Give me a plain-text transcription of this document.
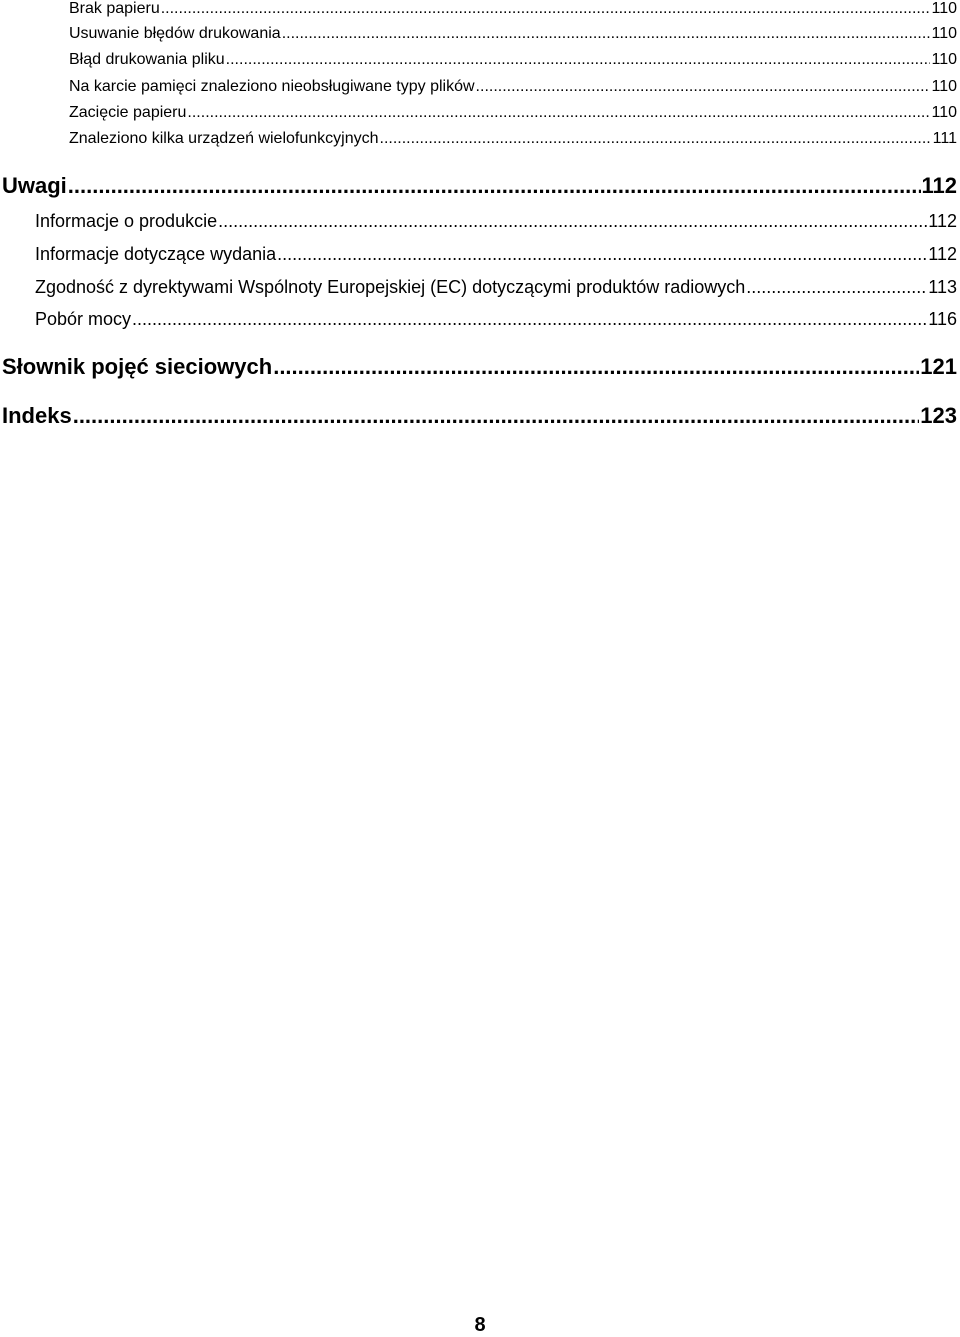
Brak papieru .....	110
Usuwanie błędów drukowania .....	110
Błąd drukowania pliku .....	110
Na karcie pamięci znaleziono nieobsługiwane typy plików .....	110
Zacięcie papieru .....	110
Znaleziono kilka urządzeń wielofunkcyjnych .....	111
Uwagi .....	112
Informacje o produkcie .....	112
Informacje dotyczące wydania .....	112
Zgodność z dyrektywami Wspólnoty Europejskiej (EC) dotyczącymi produktów radiowych .....	113
Pobór mocy .....	116
Słownik pojęć sieciowych .....	121
Indeks .....	123
8
